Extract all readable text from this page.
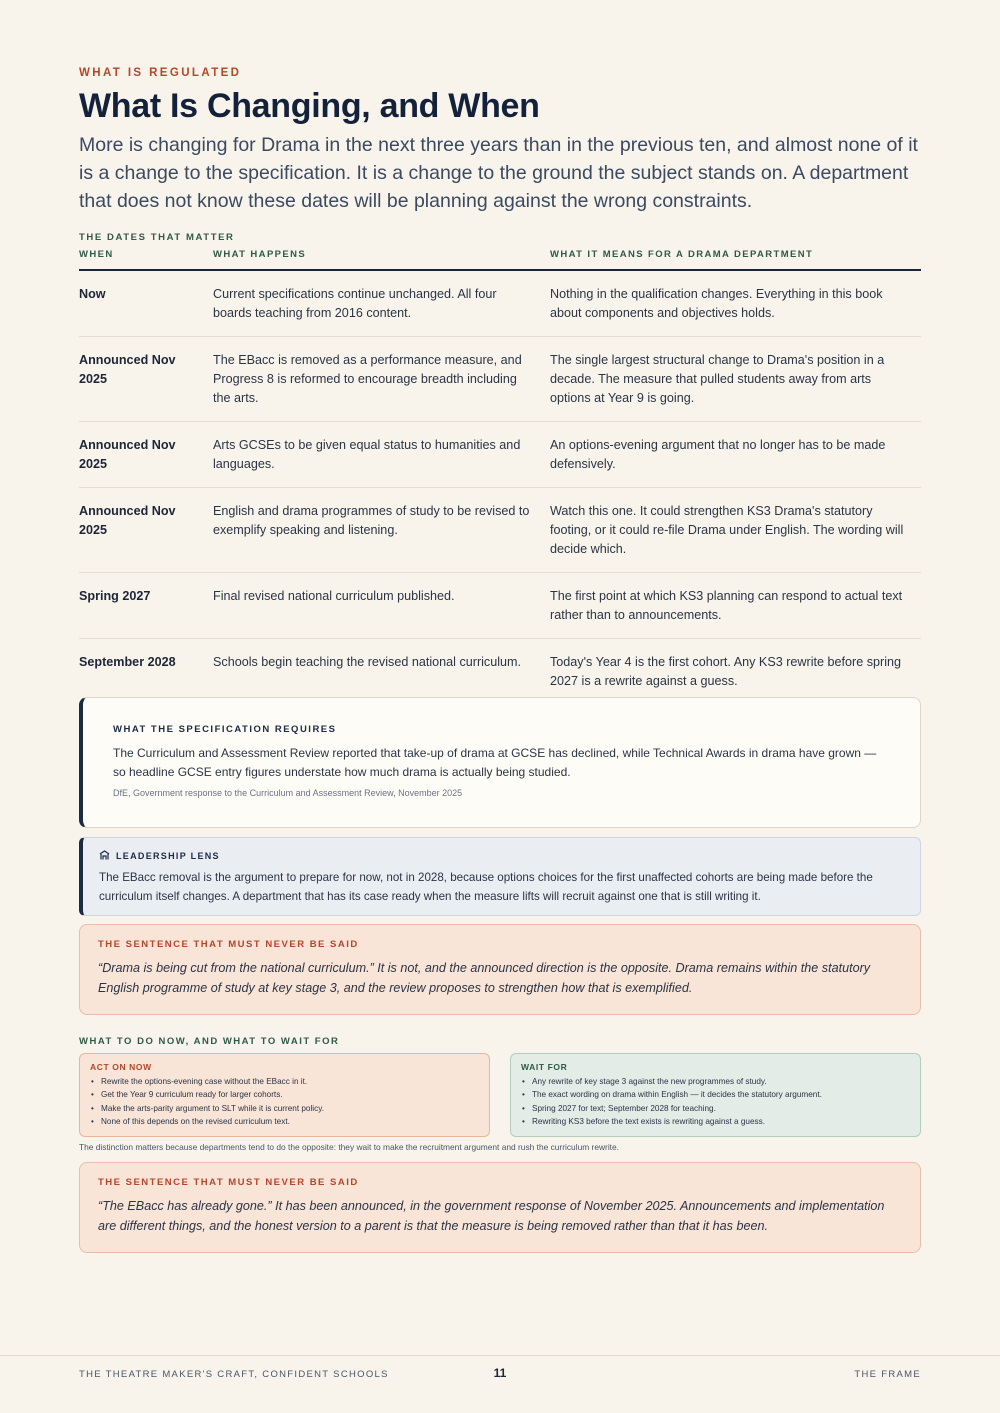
WHAT IS REGULATED
What Is Changing, and When

More is changing for Drama in the next three years than in the previous ten, and almost none of it is a change to the specification. It is a change to the ground the subject stands on. A department that does not know these dates will be planning against the wrong constraints.

THE DATES THAT MATTER
WHEN	WHAT HAPPENS	WHAT IT MEANS FOR A DRAMA DEPARTMENT
Now	Current specifications continue unchanged. All four boards teaching from 2016 content.	Nothing in the qualification changes. Everything in this book about components and objectives holds.
Announced Nov 2025	The EBacc is removed as a performance measure, and Progress 8 is reformed to encourage breadth including the arts.	The single largest structural change to Drama's position in a decade. The measure that pulled students away from arts options at Year 9 is going.
Announced Nov 2025	Arts GCSEs to be given equal status to humanities and languages.	An options-evening argument that no longer has to be made defensively.
Announced Nov 2025	English and drama programmes of study to be revised to exemplify speaking and listening.	Watch this one. It could strengthen KS3 Drama's statutory footing, or it could re-file Drama under English. The wording will decide which.
Spring 2027	Final revised national curriculum published.	The first point at which KS3 planning can respond to actual text rather than to announcements.
September 2028	Schools begin teaching the revised national curriculum.	Today's Year 4 is the first cohort. Any KS3 rewrite before spring 2027 is a rewrite against a guess.
WHAT THE SPECIFICATION REQUIRES
The Curriculum and Assessment Review reported that take-up of drama at GCSE has declined, while Technical Awards in drama have grown — so headline GCSE entry figures understate how much drama is actually being studied.
DfE, Government response to the Curriculum and Assessment Review, November 2025
LEADERSHIP LENS
The EBacc removal is the argument to prepare for now, not in 2028, because options choices for the first unaffected cohorts are being made before the curriculum itself changes. A department that has its case ready when the measure lifts will recruit against one that is still writing it.
THE SENTENCE THAT MUST NEVER BE SAID
“Drama is being cut from the national curriculum.” It is not, and the announced direction is the opposite. Drama remains within the statutory English programme of study at key stage 3, and the review proposes to strengthen how that is exemplified.
WHAT TO DO NOW, AND WHAT TO WAIT FOR
ACT ON NOW
• Rewrite the options-evening case without the EBacc in it.
• Get the Year 9 curriculum ready for larger cohorts.
• Make the arts-parity argument to SLT while it is current policy.
• None of this depends on the revised curriculum text.
WAIT FOR
• Any rewrite of key stage 3 against the new programmes of study.
• The exact wording on drama within English — it decides the statutory argument.
• Spring 2027 for text; September 2028 for teaching.
• Rewriting KS3 before the text exists is rewriting against a guess.
The distinction matters because departments tend to do the opposite: they wait to make the recruitment argument and rush the curriculum rewrite.
THE SENTENCE THAT MUST NEVER BE SAID
“The EBacc has already gone.” It has been announced, in the government response of November 2025. Announcements and implementation are different things, and the honest version to a parent is that the measure is being removed rather than that it has been.
THE THEATRE MAKER'S CRAFT, CONFIDENT SCHOOLS	11	THE FRAME
